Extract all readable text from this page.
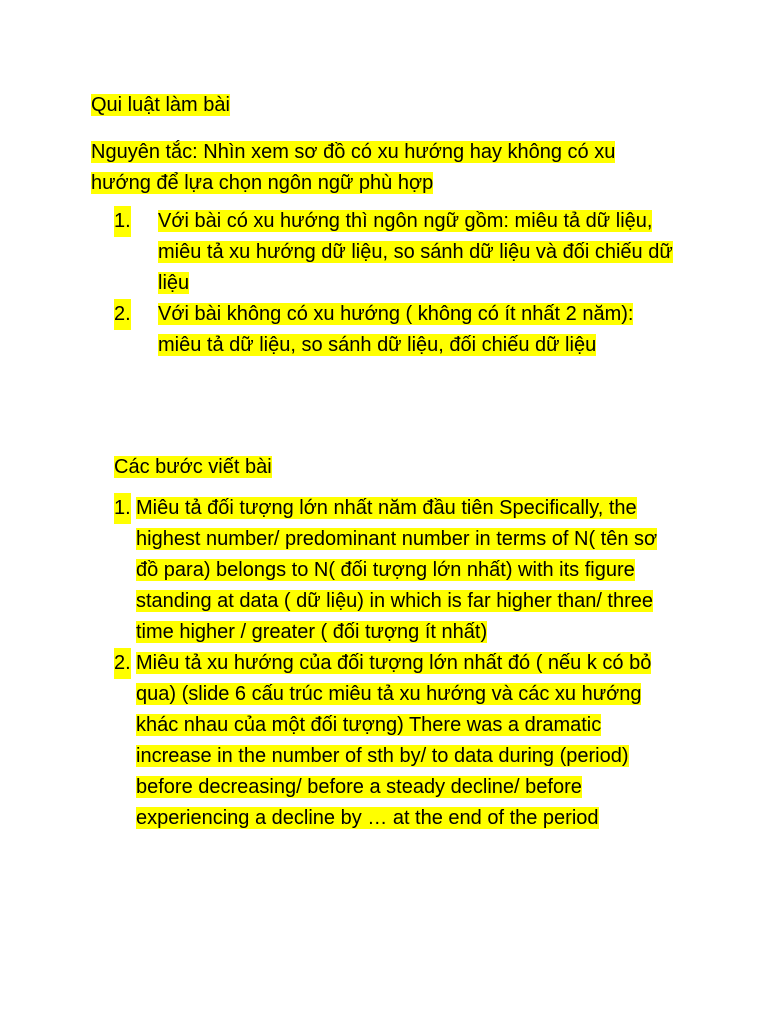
Qui luật làm bài

Nguyên tắc: Nhìn xem sơ đồ có xu hướng hay không có xu hướng để lựa chọn ngôn ngữ phù hợp

1. Với bài có xu hướng thì ngôn ngữ gồm: miêu tả dữ liệu, miêu tả xu hướng dữ liệu, so sánh dữ liệu và đối chiếu dữ liệu
2. Với bài không có xu hướng ( không có ít nhất 2 năm): miêu tả dữ liệu, so sánh dữ liệu, đối chiếu dữ liệu

Các bước viết bài

1. Miêu tả đối tượng lớn nhất năm đầu tiên Specifically, the highest number/ predominant number in terms of N( tên sơ đồ para) belongs to N( đối tượng lớn nhất) with its figure standing at data ( dữ liệu) in which is far higher than/ three time higher / greater ( đối tượng ít nhất)
2. Miêu tả xu hướng của đối tượng lớn nhất đó ( nếu k có bỏ qua) (slide 6 cấu trúc miêu tả xu hướng và các xu hướng khác nhau của một đối tượng) There was a dramatic increase in the number of sth by/ to data during (period) before decreasing/ before a steady decline/ before experiencing a decline by … at the end of the period
